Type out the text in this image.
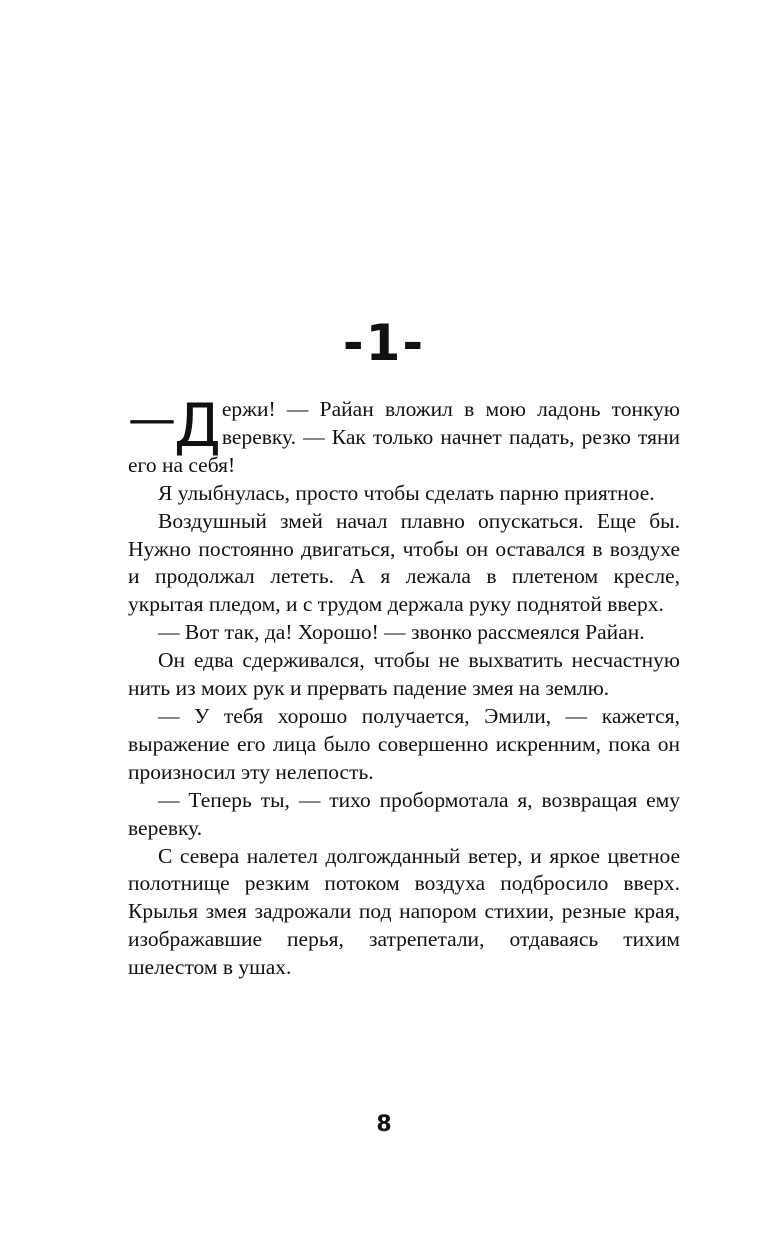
-1-

—
Д ержи! — Райан вложил в мою ладонь тонкую веревку. — Как только начнет падать, резко тяни его на себя!

Я улыбнулась, просто чтобы сделать парню приятное.

Воздушный змей начал плавно опускаться. Еще бы. Нужно постоянно двигаться, чтобы он оставался в воздухе и продолжал лететь. А я лежала в плетеном кресле, укрытая пледом, и с трудом держала руку поднятой вверх.

— Вот так, да! Хорошо! — звонко рассмеялся Райан.

Он едва сдерживался, чтобы не выхватить несчастную нить из моих рук и прервать падение змея на землю.

— У тебя хорошо получается, Эмили, — кажется, выражение его лица было совершенно искренним, пока он произносил эту нелепость.

— Теперь ты, — тихо пробормотала я, возвращая ему веревку.

С севера налетел долгожданный ветер, и яркое цветное полотнище резким потоком воздуха подбросило вверх. Крылья змея задрожали под напором стихии, резные края, изображавшие перья, затрепетали, отдаваясь тихим шелестом в ушах.

8
